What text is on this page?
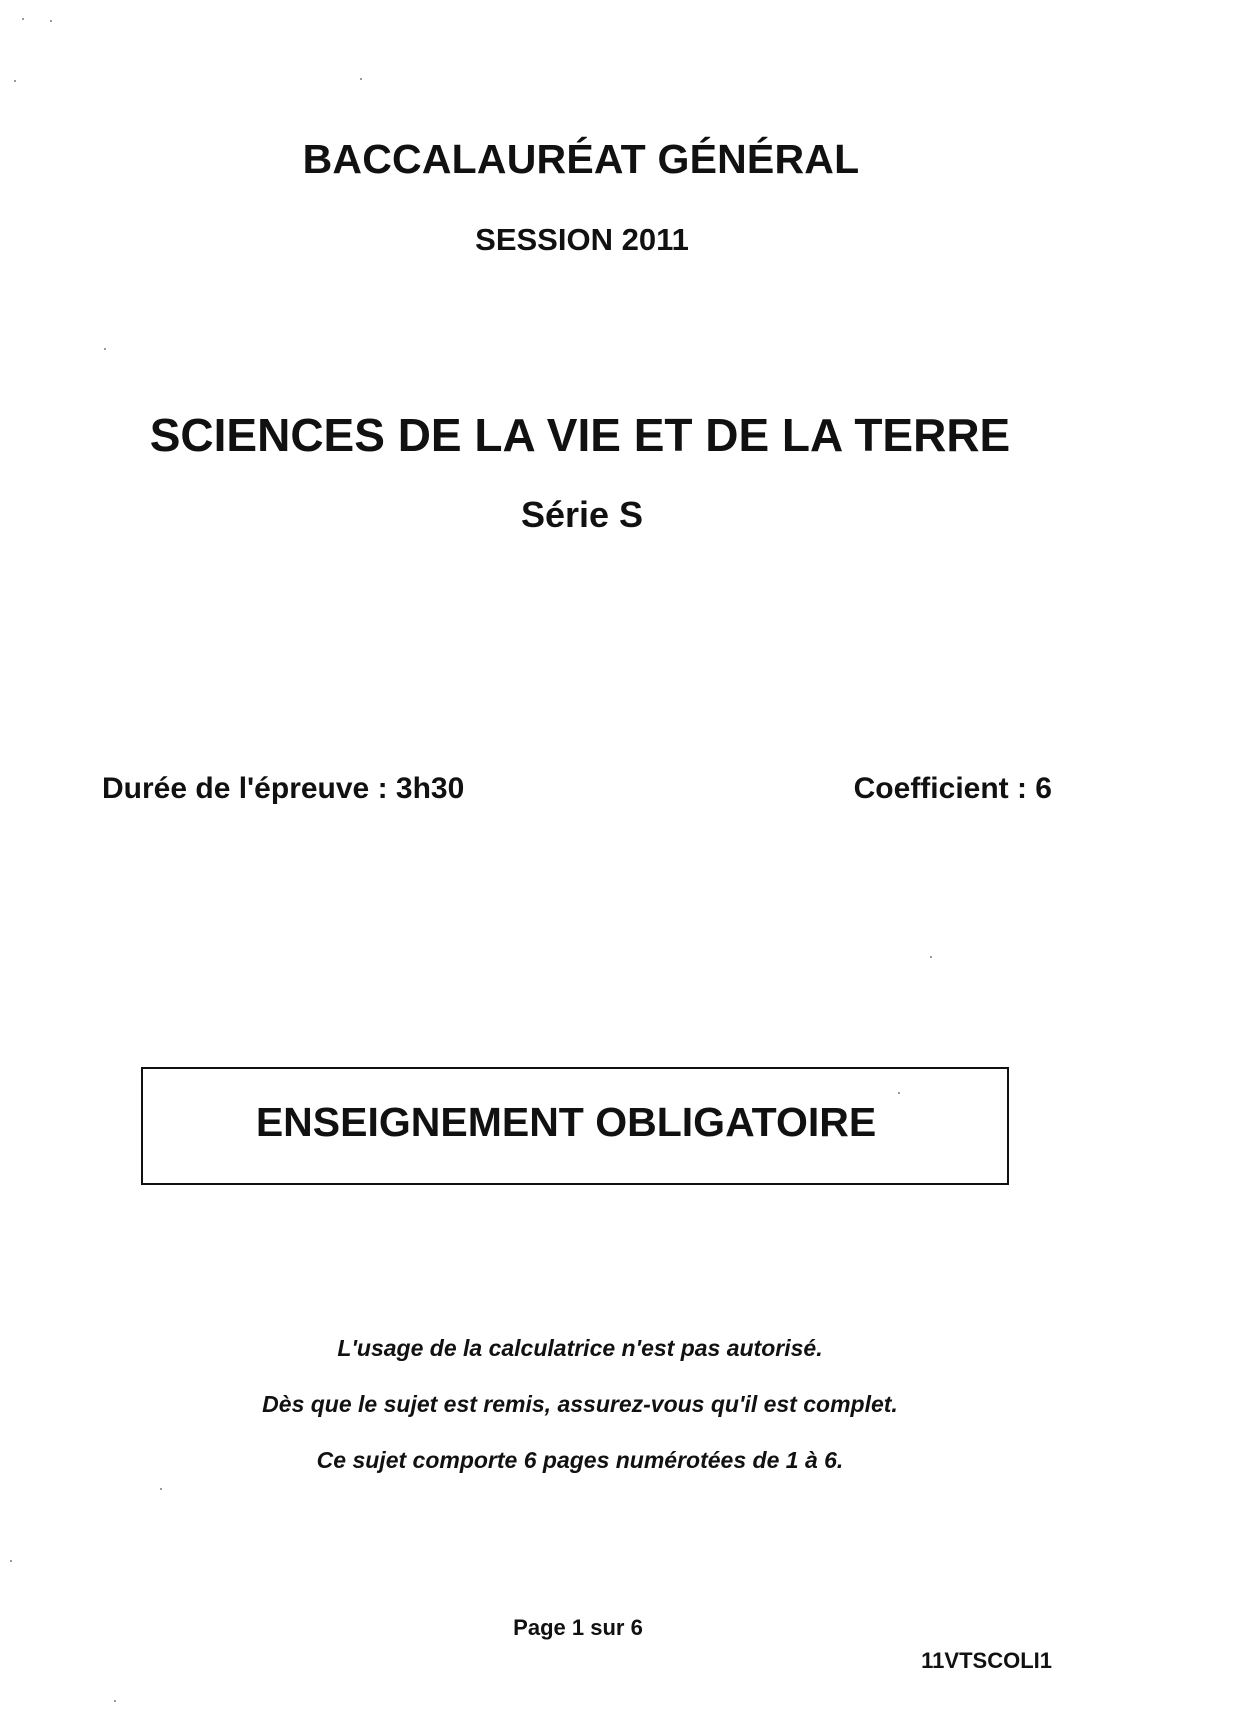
BACCALAURÉAT GÉNÉRAL
SESSION 2011
SCIENCES DE LA VIE ET DE LA TERRE
Série S
Durée de l'épreuve : 3h30	Coefficient : 6
ENSEIGNEMENT OBLIGATOIRE
L'usage de la calculatrice n'est pas autorisé.
Dès que le sujet est remis, assurez-vous qu'il est complet.
Ce sujet comporte 6 pages numérotées de 1 à 6.
Page 1 sur 6
11VTSCOLI1
